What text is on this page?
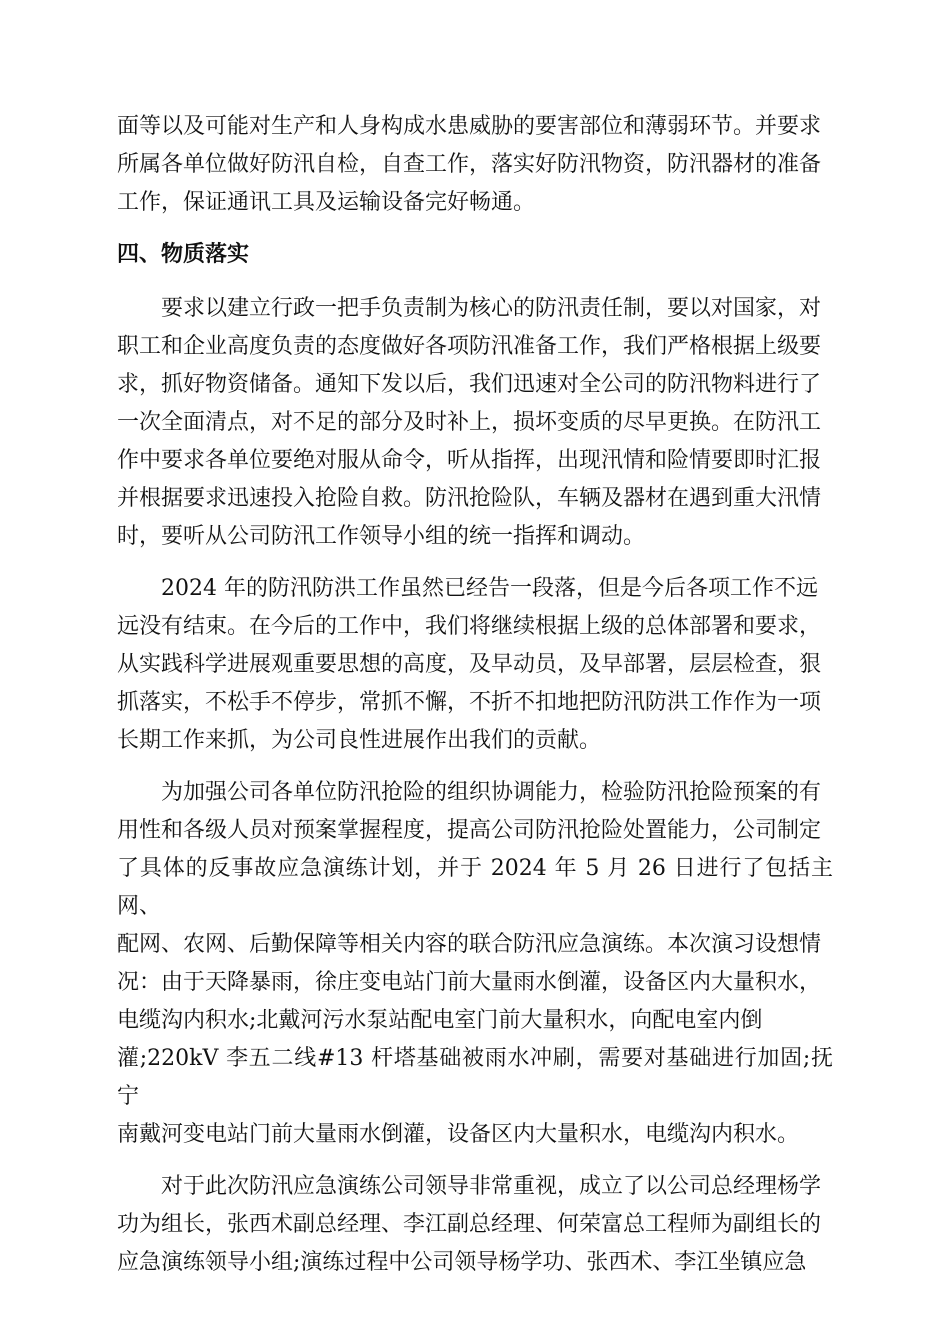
面等以及可能对生产和人身构成水患威胁的要害部位和薄弱环节。并要求
所属各单位做好防汛自检，自查工作，落实好防汛物资，防汛器材的准备
工作，保证通讯工具及运输设备完好畅通。
四、物质落实
要求以建立行政一把手负责制为核心的防汛责任制，要以对国家，对
职工和企业高度负责的态度做好各项防汛准备工作，我们严格根据上级要
求，抓好物资储备。通知下发以后，我们迅速对全公司的防汛物料进行了
一次全面清点，对不足的部分及时补上，损坏变质的尽早更换。在防汛工
作中要求各单位要绝对服从命令，听从指挥，出现汛情和险情要即时汇报
并根据要求迅速投入抢险自救。防汛抢险队，车辆及器材在遇到重大汛情
时，要听从公司防汛工作领导小组的统一指挥和调动。
2024 年的防汛防洪工作虽然已经告一段落，但是今后各项工作不远
远没有结束。在今后的工作中，我们将继续根据上级的总体部署和要求，
从实践科学进展观重要思想的高度，及早动员，及早部署，层层检查，狠
抓落实，不松手不停步，常抓不懈，不折不扣地把防汛防洪工作作为一项
长期工作来抓，为公司良性进展作出我们的贡献。
为加强公司各单位防汛抢险的组织协调能力，检验防汛抢险预案的有
用性和各级人员对预案掌握程度，提高公司防汛抢险处置能力，公司制定
了具体的反事故应急演练计划，并于 2024 年 5 月 26 日进行了包括主网、
配网、农网、后勤保障等相关内容的联合防汛应急演练。本次演习设想情
况：由于天降暴雨，徐庄变电站门前大量雨水倒灌，设备区内大量积水，
电缆沟内积水;北戴河污水泵站配电室门前大量积水，向配电室内倒
灌;220kV 李五二线#13 杆塔基础被雨水冲刷，需要对基础进行加固;抚宁
南戴河变电站门前大量雨水倒灌，设备区内大量积水，电缆沟内积水。
对于此次防汛应急演练公司领导非常重视，成立了以公司总经理杨学
功为组长，张西术副总经理、李江副总经理、何荣富总工程师为副组长的
应急演练领导小组;演练过程中公司领导杨学功、张西术、李江坐镇应急
